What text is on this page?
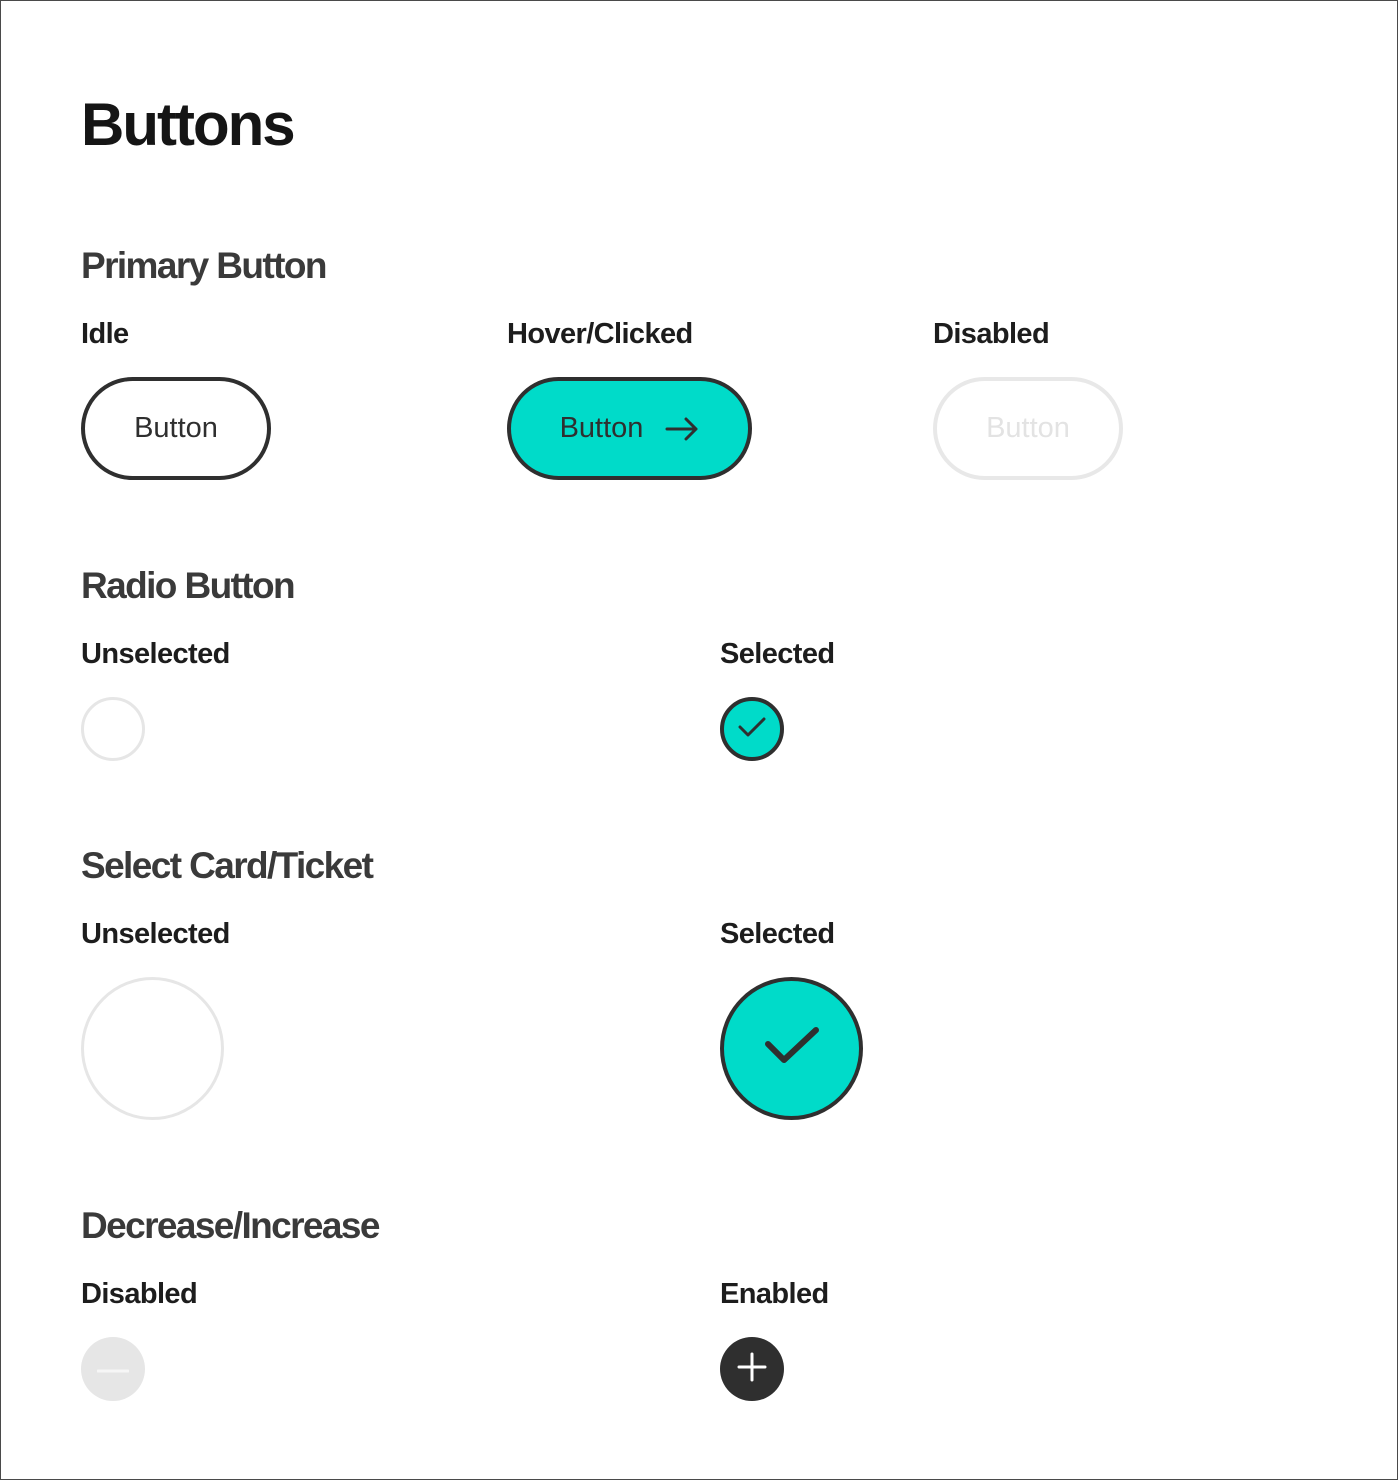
Buttons
Primary Button
Idle	Hover/Clicked	Disabled
Button	Button	Button
Radio Button
Unselected	Selected
Select Card/Ticket
Unselected	Selected
Decrease/Increase
Disabled	Enabled
